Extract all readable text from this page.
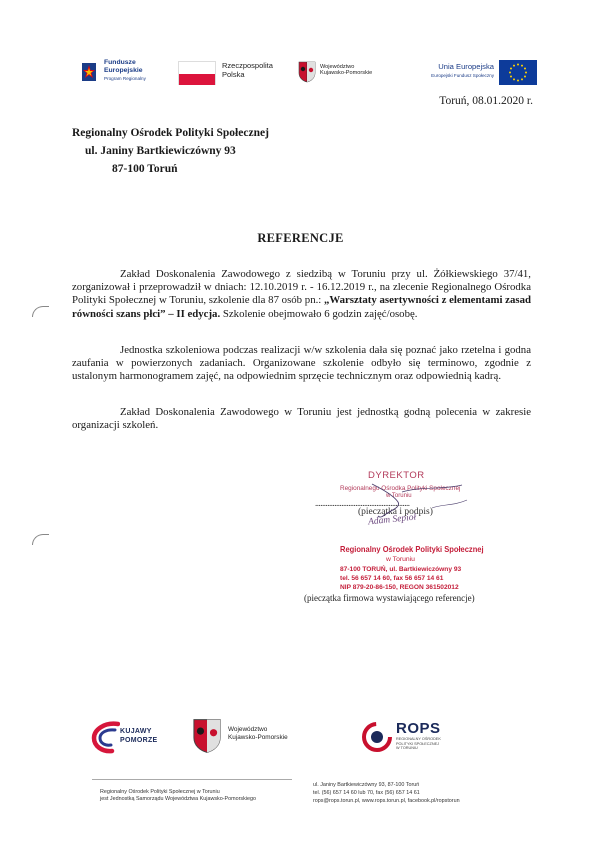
Fundusze
Europejskie
Program Regionalny
Rzeczpospolita
Polska
Województwo
Kujawsko-Pomorskie
Unia Europejska
Europejski Fundusz Społeczny
Toruń, 08.01.2020 r.
Regionalny Ośrodek Polityki Społecznej
ul. Janiny Bartkiewiczówny 93
87-100 Toruń
REFERENCJE
Zakład Doskonalenia Zawodowego z siedzibą w Toruniu przy ul. Żółkiewskiego 37/41, zorganizował i przeprowadził w dniach: 12.10.2019 r. - 16.12.2019 r., na zlecenie Regionalnego Ośrodka Polityki Społecznej w Toruniu, szkolenie dla 87 osób pn.: „Warsztaty asertywności z elementami zasad równości szans płci” – II edycja. Szkolenie obejmowało 6 godzin zajęć/osobę.
Jednostka szkoleniowa podczas realizacji w/w szkolenia dała się poznać jako rzetelna i godna zaufania w powierzonych zadaniach. Organizowane szkolenie odbyło się terminowo, zgodnie z ustalonym harmonogramem zajęć, na odpowiednim sprzęcie technicznym oraz odpowiednią kadrą.
Zakład Doskonalenia Zawodowego w Toruniu jest jednostką godną polecenia w zakresie organizacji szkoleń.
DYREKTOR
Regionalnego Ośrodka Polityki Społecznej
w Toruniu
......................................................
(pieczątka i podpis)
Adam Sepioł
Regionalny Ośrodek Polityki Społecznej
w Toruniu
87-100 TORUŃ, ul. Bartkiewiczówny 93
tel. 56 657 14 60, fax 56 657 14 61
NIP 879-20-86-150, REGON 361502012
(pieczątka firmowa wystawiającego referencje)
KUJAWY
POMORZE
Województwo
Kujawsko-Pomorskie
ROPS
REGIONALNY OŚRODEK
POLITYKI SPOŁECZNEJ
W TORUNIU
Regionalny Ośrodek Polityki Społecznej w Toruniu
jest Jednostką Samorządu Województwa Kujawsko-Pomorskiego
ul. Janiny Bartkiewiczówny 93, 87-100 Toruń
tel. (56) 657 14 60 lub 70, fax (56) 657 14 61
rops@rops.torun.pl, www.rops.torun.pl, facebook.pl/ropstorun
